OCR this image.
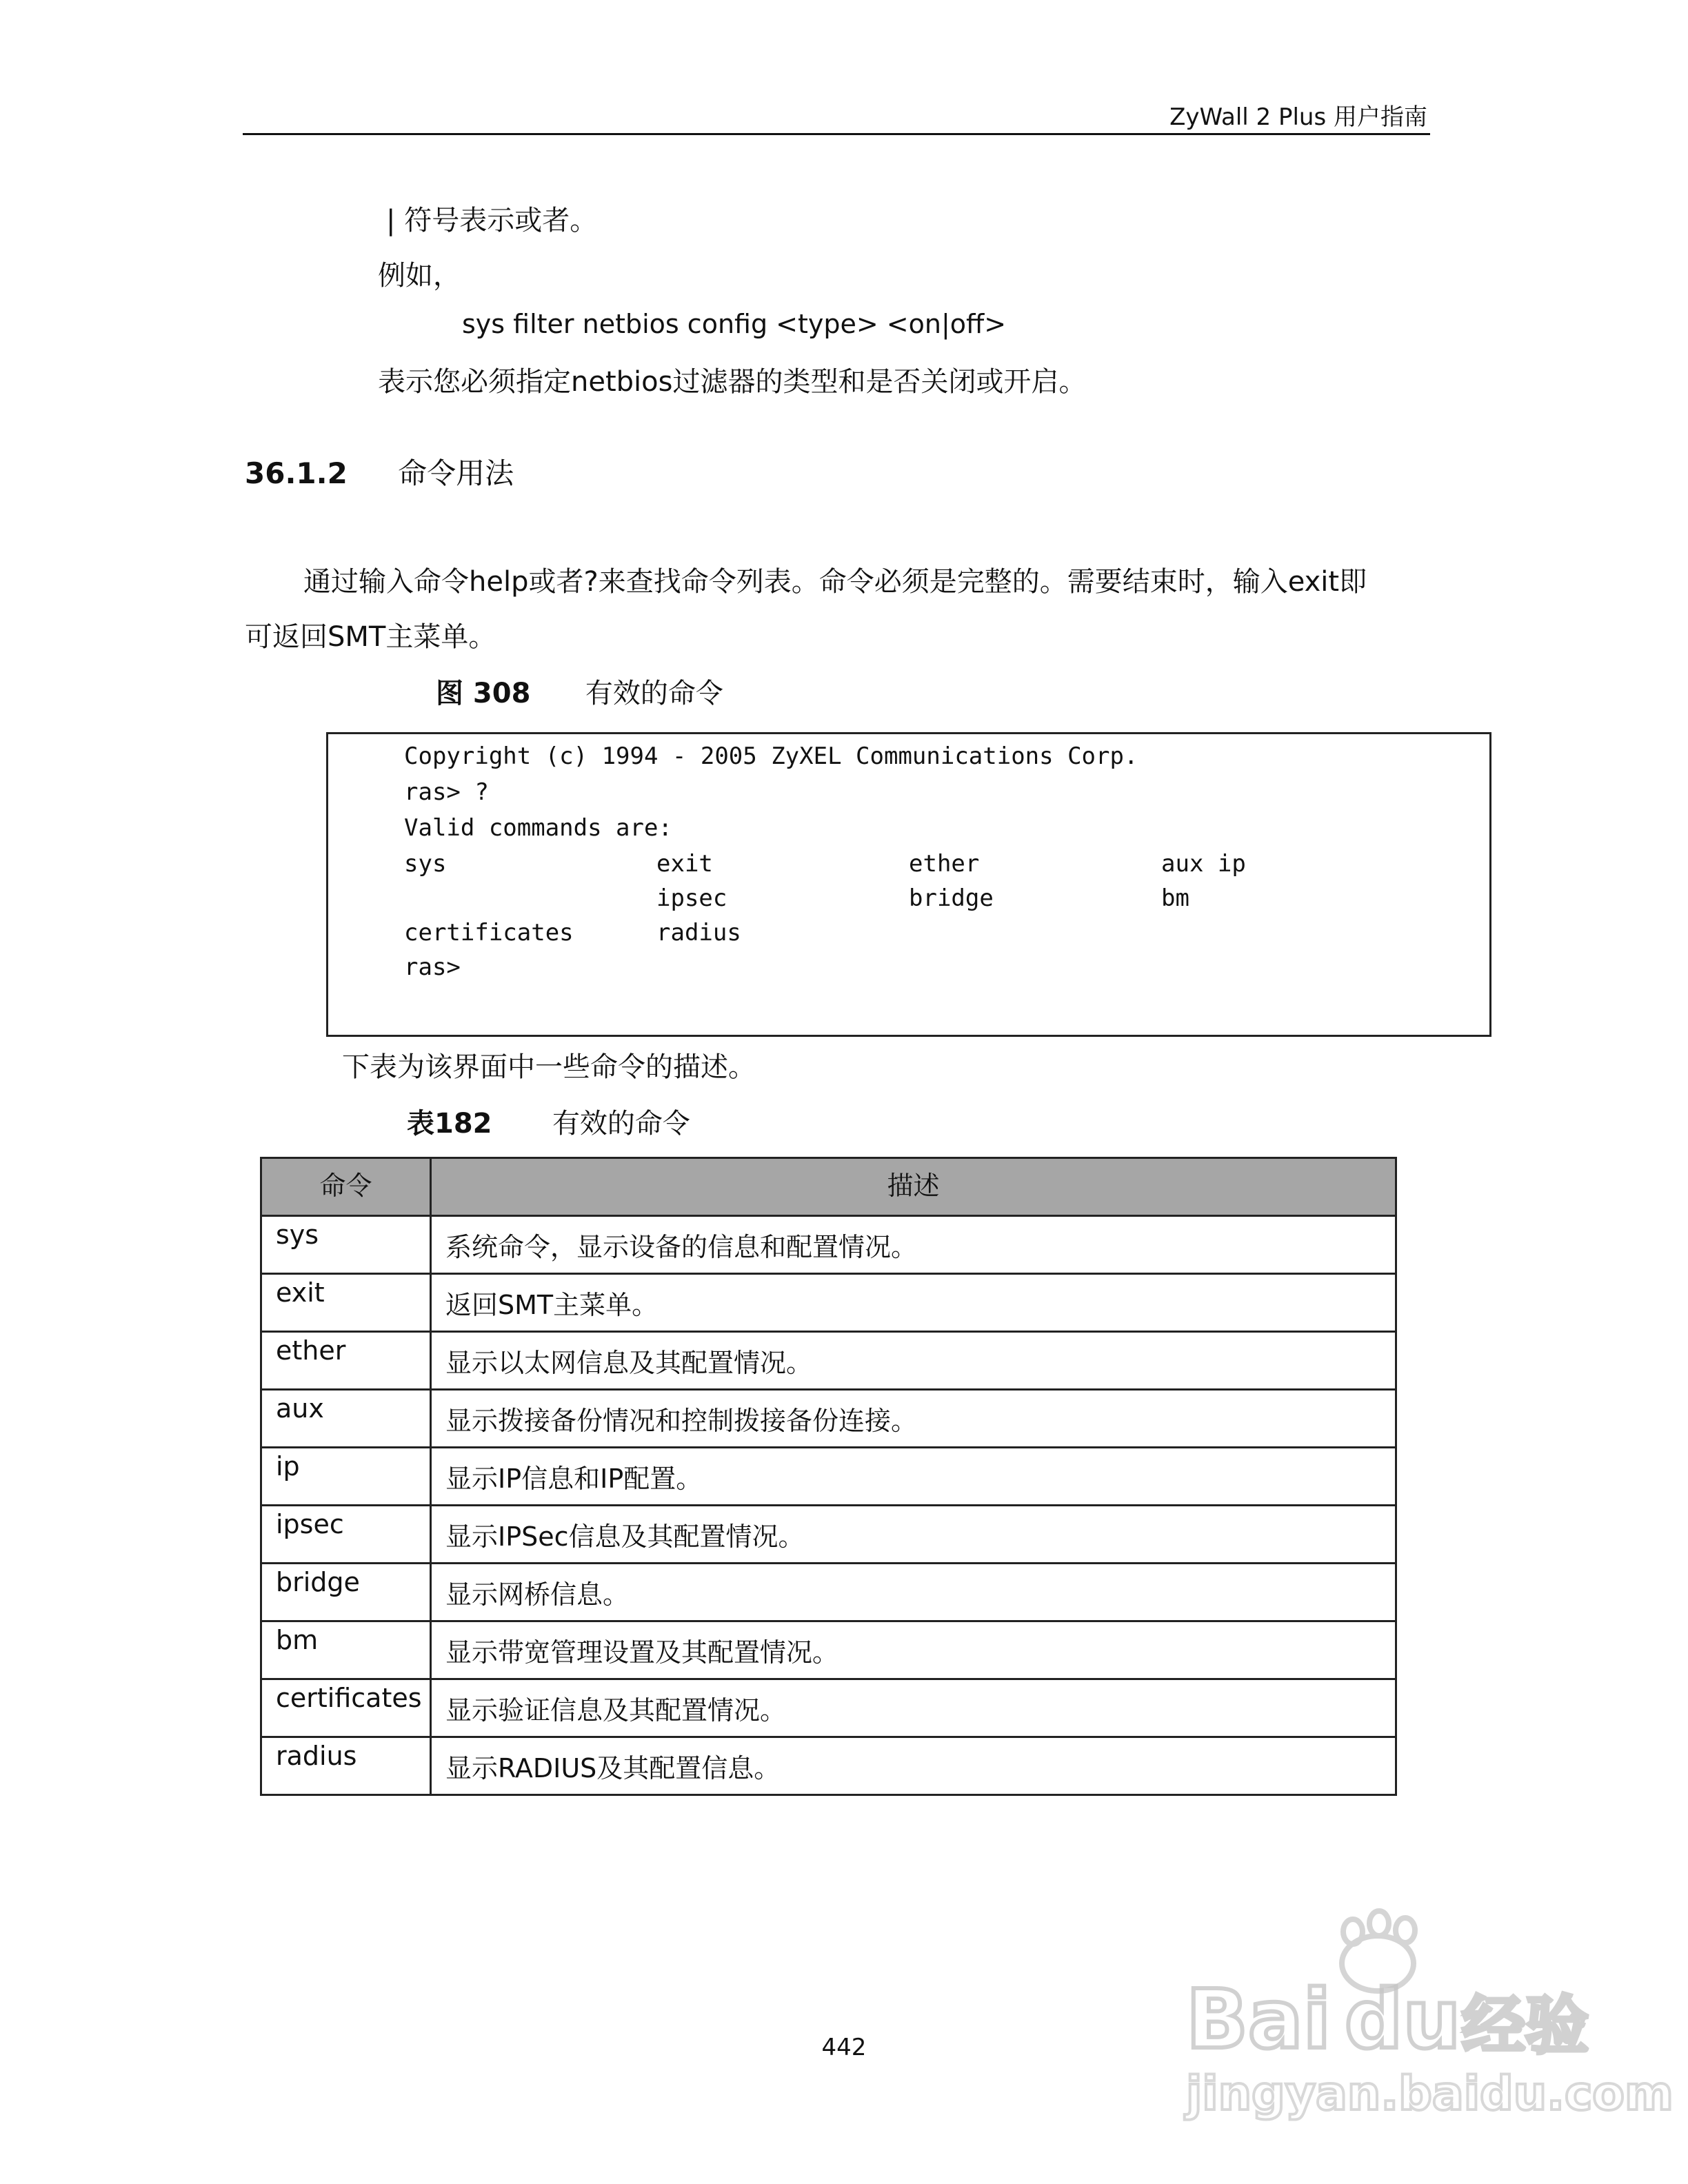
ZyWall 2 Plus 用户指南
| 符号表示或者。
例如，
sys filter netbios config <type> <on|off>
表示您必须指定netbios过滤器的类型和是否关闭或开启。
36.1.2 命令用法
通过输入命令help或者?来查找命令列表。命令必须是完整的。需要结束时，输入exit即
可返回SMT主菜单。
图 308 有效的命令
Copyright (c) 1994 - 2005 ZyXEL Communications Corp.
ras> ?
Valid commands are:
sys	exit	ether	aux ip
ipsec	bridge	bm
certificates	radius
ras>
下表为该界面中一些命令的描述。
表182 有效的命令
命令	描述
sys	系统命令，显示设备的信息和配置情况。
exit	返回SMT主菜单。
ether	显示以太网信息及其配置情况。
aux	显示拨接备份情况和控制拨接备份连接。
ip	显示IP信息和IP配置。
ipsec	显示IPSec信息及其配置情况。
bridge	显示网桥信息。
bm	显示带宽管理设置及其配置情况。
certificates	显示验证信息及其配置情况。
radius	显示RADIUS及其配置信息。
442	Bai du 经验
jingyan.baidu.com
